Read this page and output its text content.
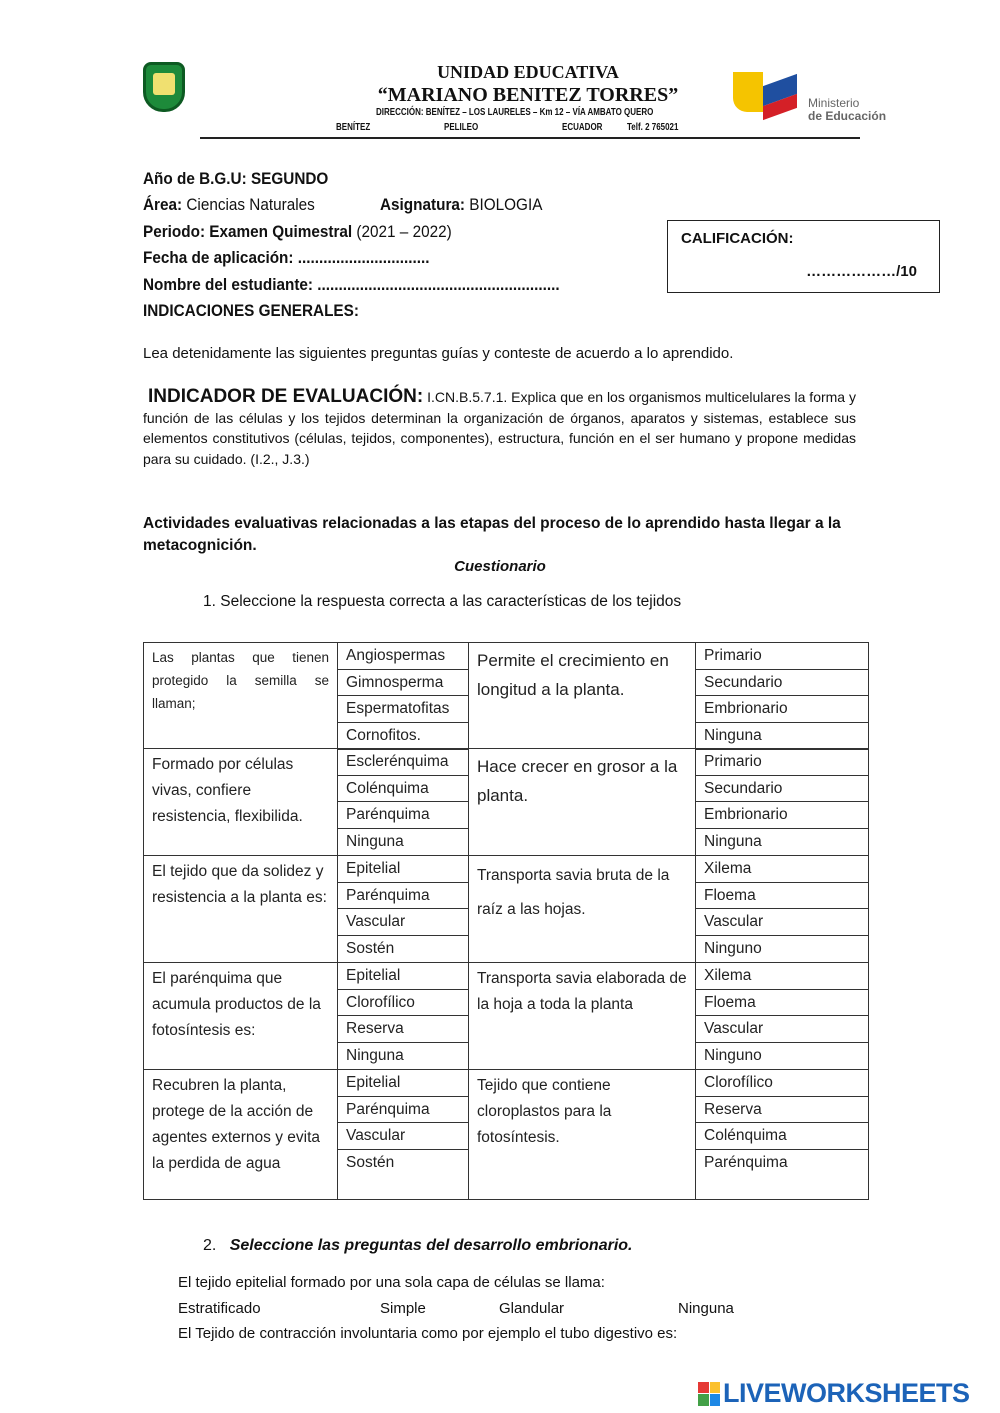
UNIDAD EDUCATIVA
“MARIANO BENITEZ TORRES”
DIRECCIÓN: BENÍTEZ – LOS LAURELES – Km 12 – VÍA AMBATO QUERO
BENÍTEZ	PELILEO	ECUADOR Telf. 2 765021
Ministerio
de Educación
Año de B.G.U: SEGUNDO
Área: Ciencias Naturales	Asignatura: BIOLOGIA
Periodo: Examen Quimestral (2021 – 2022)
Fecha de aplicación: ...............................
Nombre del estudiante: .........................................................
INDICACIONES GENERALES:
CALIFICACIÓN:
………………/10
Lea detenidamente las siguientes preguntas guías y conteste de acuerdo a lo aprendido.
INDICADOR DE EVALUACIÓN: I.CN.B.5.7.1. Explica que en los organismos multicelulares la forma y función de las células y los tejidos determinan la organización de órganos, aparatos y sistemas, establece sus elementos constitutivos (células, tejidos, componentes), estructura, función en el ser humano y propone medidas para su cuidado. (I.2., J.3.)
Actividades evaluativas relacionadas a las etapas del proceso de lo aprendido hasta llegar a la metacognición.
Cuestionario
1. Seleccione la respuesta correcta a las características de los tejidos
Las plantas que tienen protegido la semilla se llaman;
Permite el crecimiento en longitud a la planta.
Angiospermas	Primario
Gimnosperma	Secundario
Espermatofitas	Embrionario
Cornofitos.	Ninguna
Formado por células vivas, confiere resistencia, flexibilida.
Hace crecer en grosor a la planta.
Esclerénquima	Primario
Colénquima	Secundario
Parénquima	Embrionario
Ninguna	Ninguna
El tejido que da solidez y resistencia a la planta es:
Transporta savia bruta de la raíz a las hojas.
Epitelial	Xilema
Parénquima	Floema
Vascular	Vascular
Sostén	Ninguno
El parénquima que acumula productos de la fotosíntesis es:
Transporta savia elaborada de la hoja a toda la planta
Epitelial	Xilema
Clorofílico	Floema
Reserva	Vascular
Ninguna	Ninguno
Recubren la planta, protege de la acción de agentes externos y evita la perdida de agua
Tejido que contiene cloroplastos para la fotosíntesis.
Epitelial	Clorofílico
Parénquima	Reserva
Vascular	Colénquima
Sostén	Parénquima
2. Seleccione las preguntas del desarrollo embrionario.
El tejido epitelial formado por una sola capa de células se llama:
Estratificado	Simple	Glandular	Ninguna
El Tejido de contracción involuntaria como por ejemplo el tubo digestivo es:
LIVEWORKSHEETS
